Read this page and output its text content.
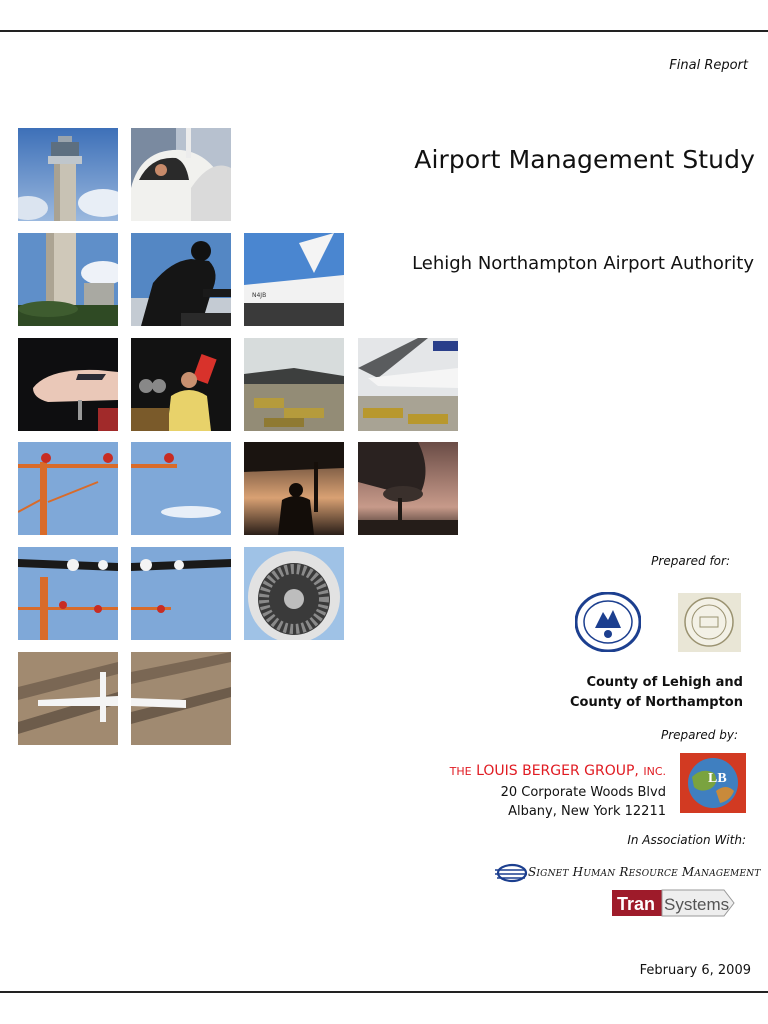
Final Report
Airport Management Study
Lehigh Northampton Airport Authority
N4JB
Prepared for:
County of Lehigh and
County of Northampton
Prepared by:
THE LOUIS BERGER GROUP, INC.
20 Corporate Woods Blvd
Albany, New York 12211
LB
In Association With:
SIGNET HUMAN RESOURCE MANAGEMENT
Tran Systems
February 6, 2009
